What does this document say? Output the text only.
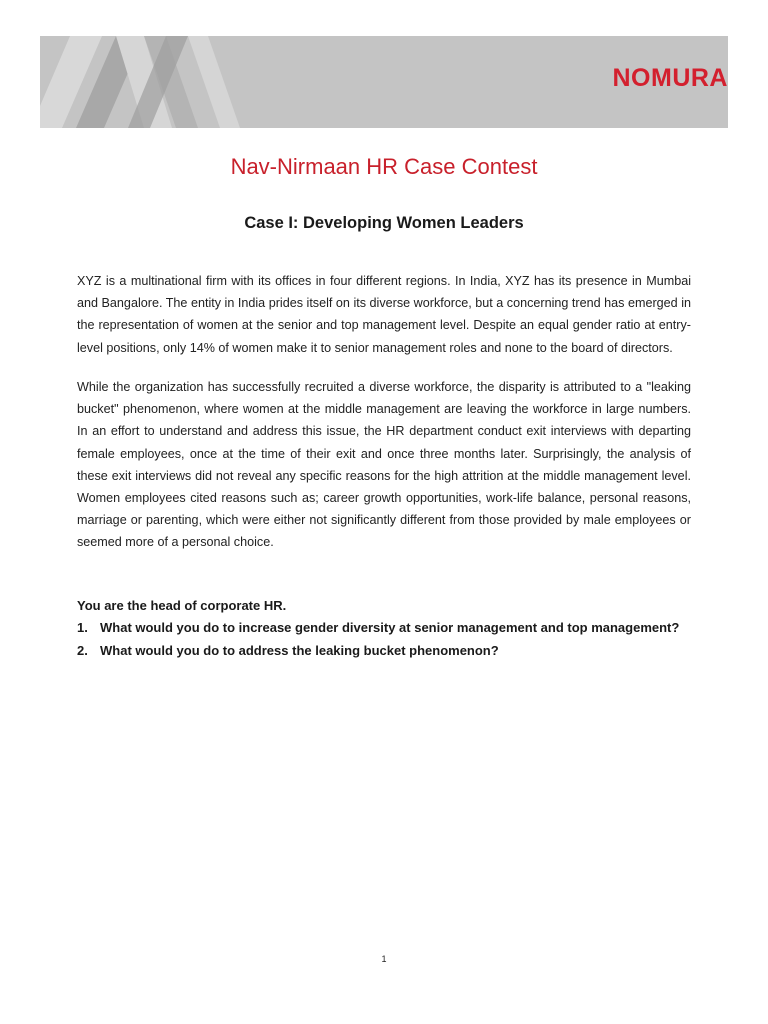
NOMURA
Nav-Nirmaan HR Case Contest
Case I: Developing Women Leaders

XYZ is a multinational firm with its offices in four different regions. In India, XYZ has its presence in Mumbai and Bangalore. The entity in India prides itself on its diverse workforce, but a concerning trend has emerged in the representation of women at the senior and top management level. Despite an equal gender ratio at entry-level positions, only 14% of women make it to senior management roles and none to the board of directors.

While the organization has successfully recruited a diverse workforce, the disparity is attributed to a "leaking bucket" phenomenon, where women at the middle management are leaving the workforce in large numbers. In an effort to understand and address this issue, the HR department conduct exit interviews with departing female employees, once at the time of their exit and once three months later. Surprisingly, the analysis of these exit interviews did not reveal any specific reasons for the high attrition at the middle management level. Women employees cited reasons such as; career growth opportunities, work-life balance, personal reasons, marriage or parenting, which were either not significantly different from those provided by male employees or seemed more of a personal choice.

You are the head of corporate HR.

1. What would you do to increase gender diversity at senior management and top management?
2. What would you do to address the leaking bucket phenomenon?
1
